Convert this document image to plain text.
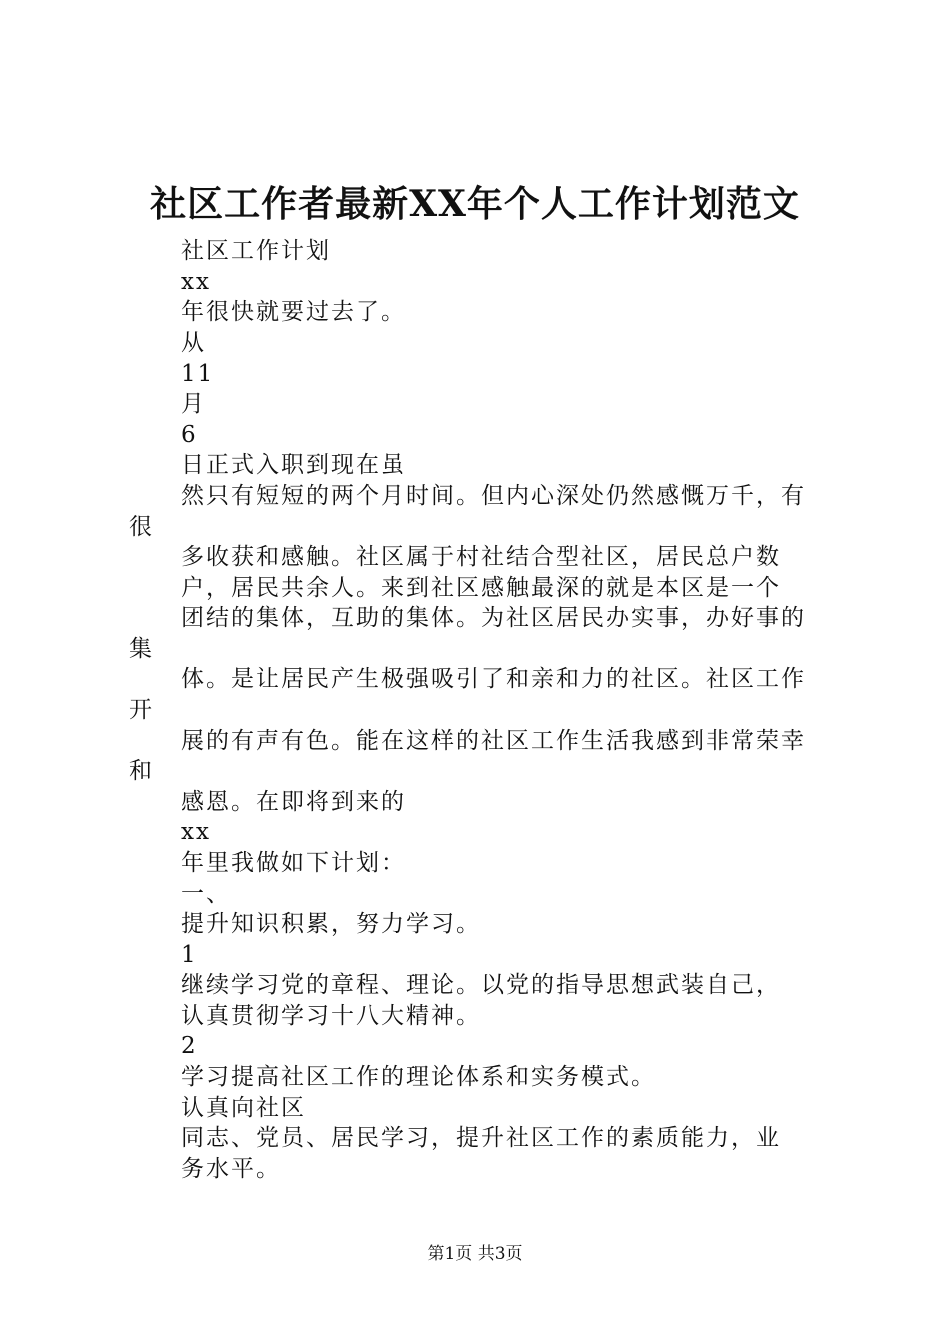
社区工作者最新XX年个人工作计划范文
社区工作计划
xx
年很快就要过去了。
从
11
月
6
日正式入职到现在虽
然只有短短的两个月时间。但内心深处仍然感慨万千，有
很
多收获和感触。社区属于村社结合型社区，居民总户数
户，居民共余人。来到社区感触最深的就是本区是一个
团结的集体，互助的集体。为社区居民办实事，办好事的
集
体。是让居民产生极强吸引了和亲和力的社区。社区工作
开
展的有声有色。能在这样的社区工作生活我感到非常荣幸
和
感恩。在即将到来的
xx
年里我做如下计划：
一、
提升知识积累，努力学习。
1
继续学习党的章程、理论。以党的指导思想武装自己，
认真贯彻学习十八大精神。
2
学习提高社区工作的理论体系和实务模式。
认真向社区
同志、党员、居民学习，提升社区工作的素质能力，业
务水平。
第1页 共3页
